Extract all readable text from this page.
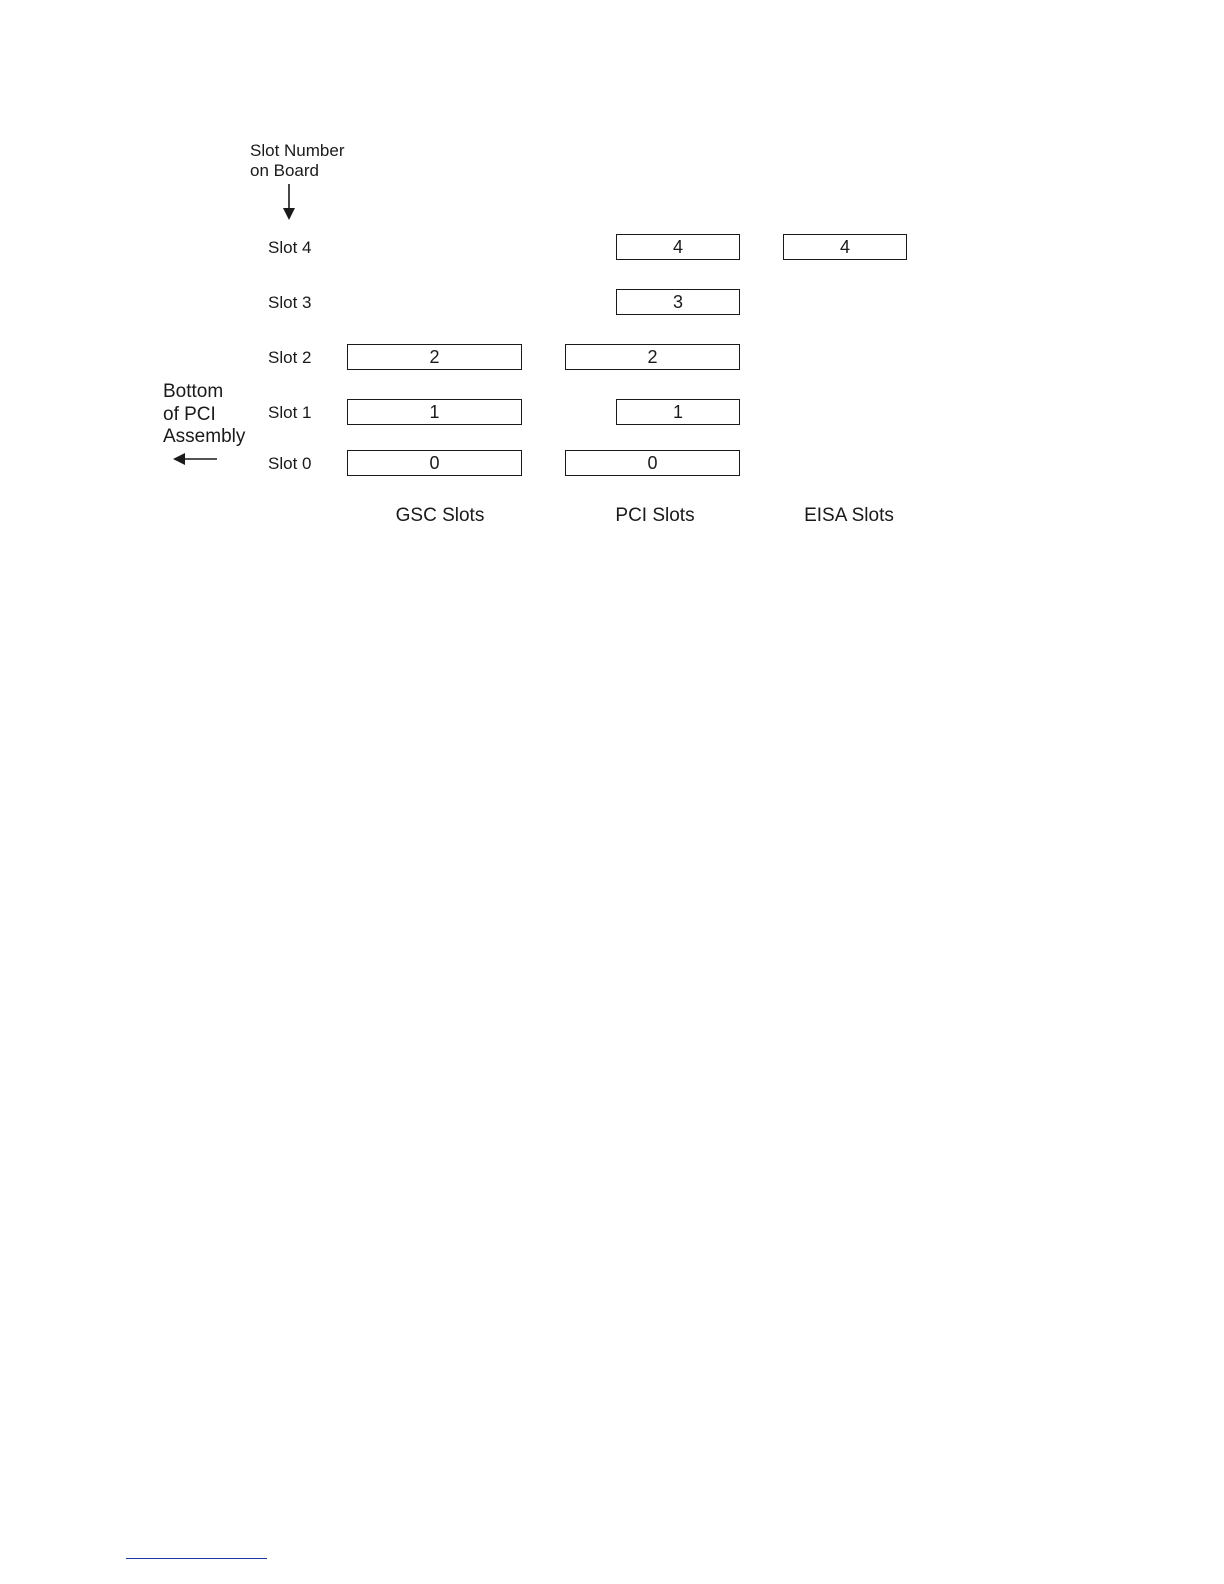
Slot Number
on Board
Bottom
of PCI
Assembly
Slot 4
Slot 3
Slot 2
Slot 1
Slot 0
2
1
0
4
3
2
1
0
4
GSC Slots	PCI Slots	EISA Slots
